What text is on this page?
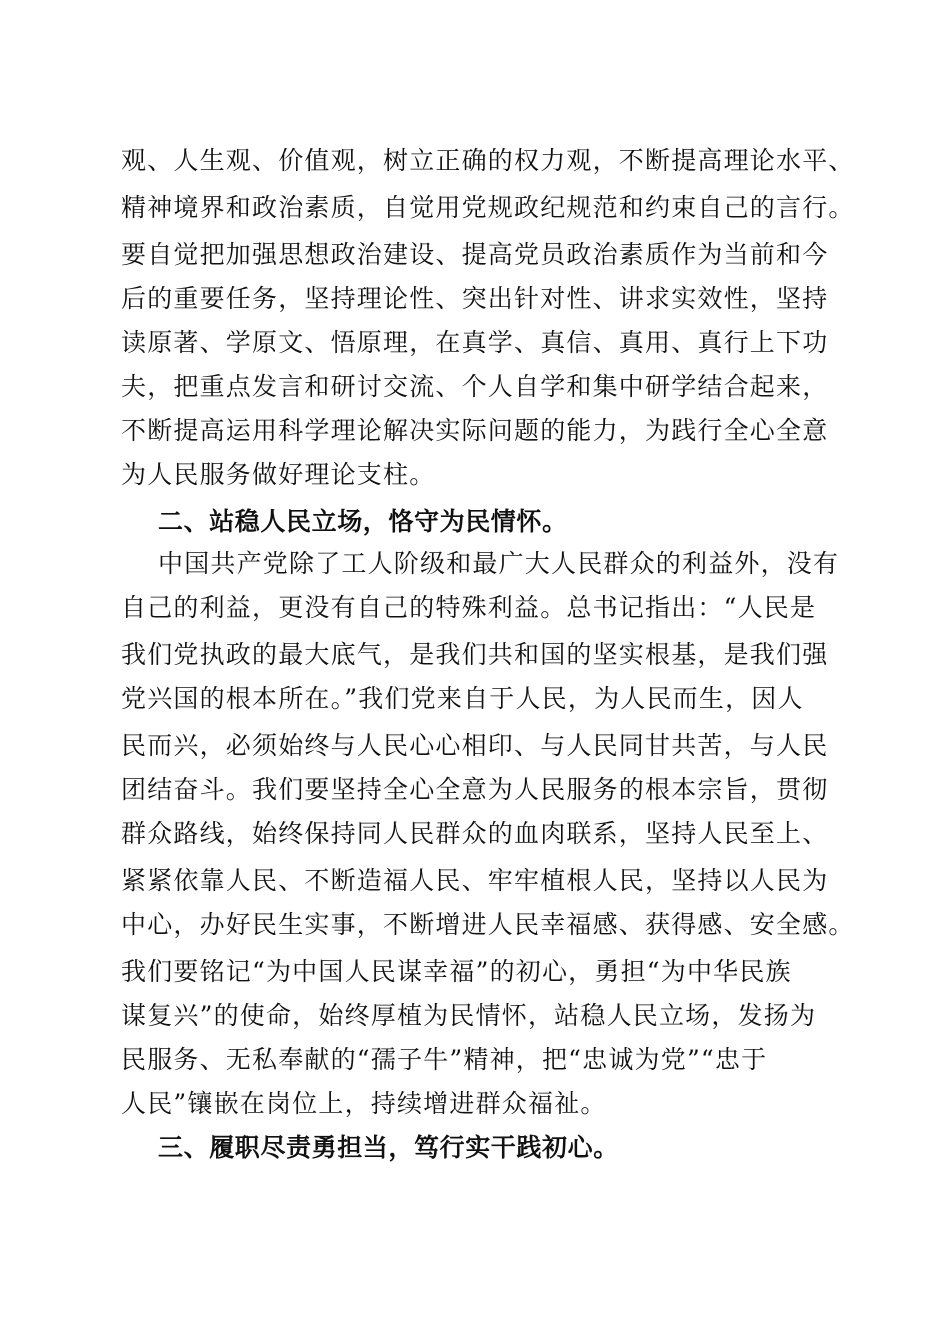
观、人生观、价值观，树立正确的权力观，不断提高理论水平、
精神境界和政治素质，自觉用党规政纪规范和约束自己的言行。
要自觉把加强思想政治建设、提高党员政治素质作为当前和今
后的重要任务，坚持理论性、突出针对性、讲求实效性，坚持
读原著、学原文、悟原理，在真学、真信、真用、真行上下功
夫，把重点发言和研讨交流、个人自学和集中研学结合起来，
不断提高运用科学理论解决实际问题的能力，为践行全心全意
为人民服务做好理论支柱。
二、站稳人民立场，恪守为民情怀。
中国共产党除了工人阶级和最广大人民群众的利益外，没有
自己的利益，更没有自己的特殊利益。总书记指出：“人民是
我们党执政的最大底气，是我们共和国的坚实根基，是我们强
党兴国的根本所在。”我们党来自于人民，为人民而生，因人
民而兴，必须始终与人民心心相印、与人民同甘共苦，与人民
团结奋斗。我们要坚持全心全意为人民服务的根本宗旨，贯彻
群众路线，始终保持同人民群众的血肉联系，坚持人民至上、
紧紧依靠人民、不断造福人民、牢牢植根人民，坚持以人民为
中心，办好民生实事，不断增进人民幸福感、获得感、安全感。
我们要铭记“为中国人民谋幸福”的初心，勇担“为中华民族
谋复兴”的使命，始终厚植为民情怀，站稳人民立场，发扬为
民服务、无私奉献的“孺子牛”精神，把“忠诚为党”“忠于
人民”镶嵌在岗位上，持续增进群众福祉。
三、履职尽责勇担当，笃行实干践初心。
